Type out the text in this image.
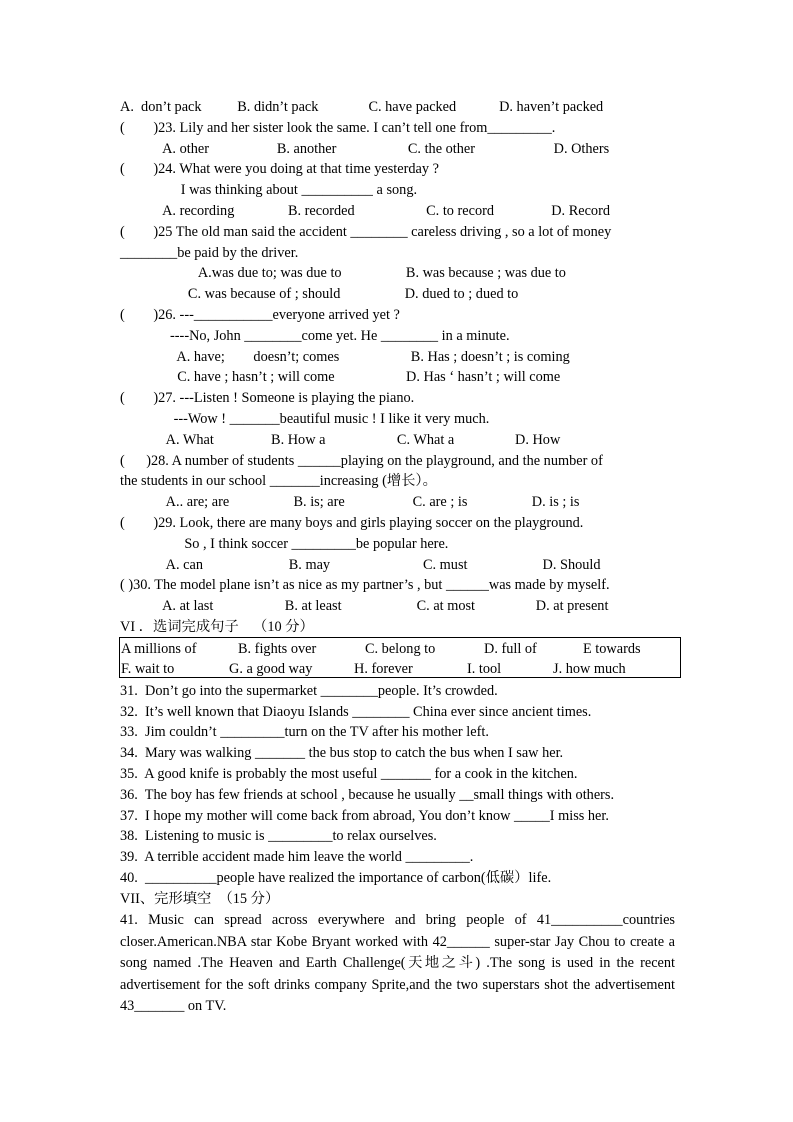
A.  don’t pack          B. didn’t pack              C. have packed            D. haven’t packed
(        )23. Lily and her sister look the same. I can’t tell one from_________.
A. other                   B. another                    C. the other                      D. Others
(        )24. What were you doing at that time yesterday ?
I was thinking about __________ a song.
A. recording               B. recorded                    C. to record                D. Record
(        )25 The old man said the accident ________ careless driving , so a lot of money
________be paid by the driver.
A.was due to; was due to                  B. was because ; was due to
C. was because of ; should                  D. dued to ; dued to
(        )26. ---___________everyone arrived yet ?
----No, John ________come yet. He ________ in a minute.
A. have;        doesn’t; comes                    B. Has ; doesn’t ; is coming
C. have ; hasn’t ; will come                    D. Has ‘ hasn’t ; will come
(        )27. ---Listen ! Someone is playing the piano.
---Wow ! _______beautiful music ! I like it very much.
A. What                B. How a                    C. What a                 D. How
(      )28. A number of students ______playing on the playground, and the number of
the students in our school _______increasing (增长）。
A.. are; are                  B. is; are                   C. are ; is                  D. is ; is
(        )29. Look, there are many boys and girls playing soccer on the playground.
So , I think soccer _________be popular here.
A. can                        B. may                          C. must                     D. Should
( )30. The model plane isn’t as nice as my partner’s , but ______was made by myself.
A. at last                    B. at least                     C. at most                 D. at present
VI ．选词完成句子    （10 分）
A millions of	B. fights over	C. belong to	D. full of	E towards
F. wait to	G. a good way	H. forever	I. tool	J. how much
31.  Don’t go into the supermarket ________people. It’s crowded.
32.  It’s well known that Diaoyu Islands ________ China ever since ancient times.
33.  Jim couldn’t _________turn on the TV after his mother left.
34.  Mary was walking _______ the bus stop to catch the bus when I saw her.
35.  A good knife is probably the most useful _______ for a cook in the kitchen.
36.  The boy has few friends at school , because he usually __small things with others.
37.  I hope my mother will come back from abroad, You don’t know _____I miss her.
38.  Listening to music is _________to relax ourselves.
39.  A terrible accident made him leave the world _________.
40.  __________people have realized the importance of carbon(低碳）life.
VII、完形填空  （15 分）
41. Music can spread across everywhere and bring people of 41__________countries closer.American.NBA star Kobe Bryant worked with 42______ super-star Jay Chou to create a song named .The Heaven and Earth Challenge(天地之斗) .The song is used in the recent advertisement for the soft drinks company Sprite,and the two superstars shot the advertisement 43_______ on TV.
